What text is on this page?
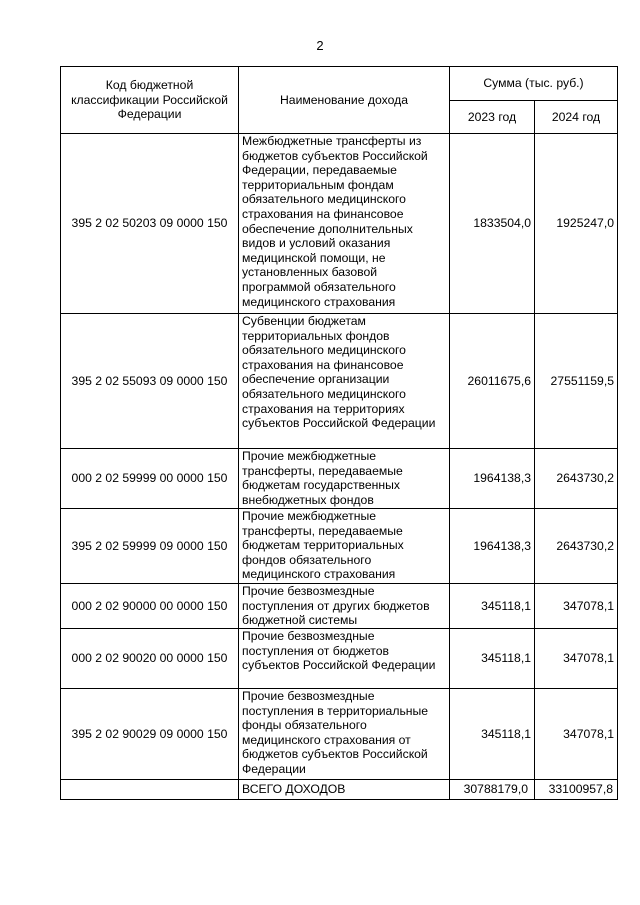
2
Код бюджетной классификации Российской Федерации	Наименование дохода	Сумма (тыс. руб.)	
		2023 год	2024 год
395 2 02 50203 09 0000 150	Межбюджетные трансферты из бюджетов субъектов Российской Федерации, передаваемые территориальным фондам обязательного медицинского страхования на финансовое обеспечение дополнительных видов и условий оказания медицинской помощи, не установленных базовой программой обязательного медицинского страхования	1833504,0	1925247,0
395 2 02 55093 09 0000 150	Субвенции бюджетам территориальных фондов обязательного медицинского страхования на финансовое обеспечение организации обязательного медицинского страхования на территориях субъектов Российской Федерации	26011675,6	27551159,5
000 2 02 59999 00 0000 150	Прочие межбюджетные трансферты, передаваемые бюджетам государственных внебюджетных фондов	1964138,3	2643730,2
395 2 02 59999 09 0000 150	Прочие межбюджетные трансферты, передаваемые бюджетам территориальных фондов обязательного медицинского страхования	1964138,3	2643730,2
000 2 02 90000 00 0000 150	Прочие безвозмездные поступления от других бюджетов бюджетной системы	345118,1	347078,1
000 2 02 90020 00 0000 150	Прочие безвозмездные поступления от бюджетов субъектов Российской Федерации	345118,1	347078,1
395 2 02 90029 09 0000 150	Прочие безвозмездные поступления в территориальные фонды обязательного медицинского страхования от бюджетов субъектов Российской Федерации	345118,1	347078,1
	ВСЕГО ДОХОДОВ	30788179,0	33100957,8
